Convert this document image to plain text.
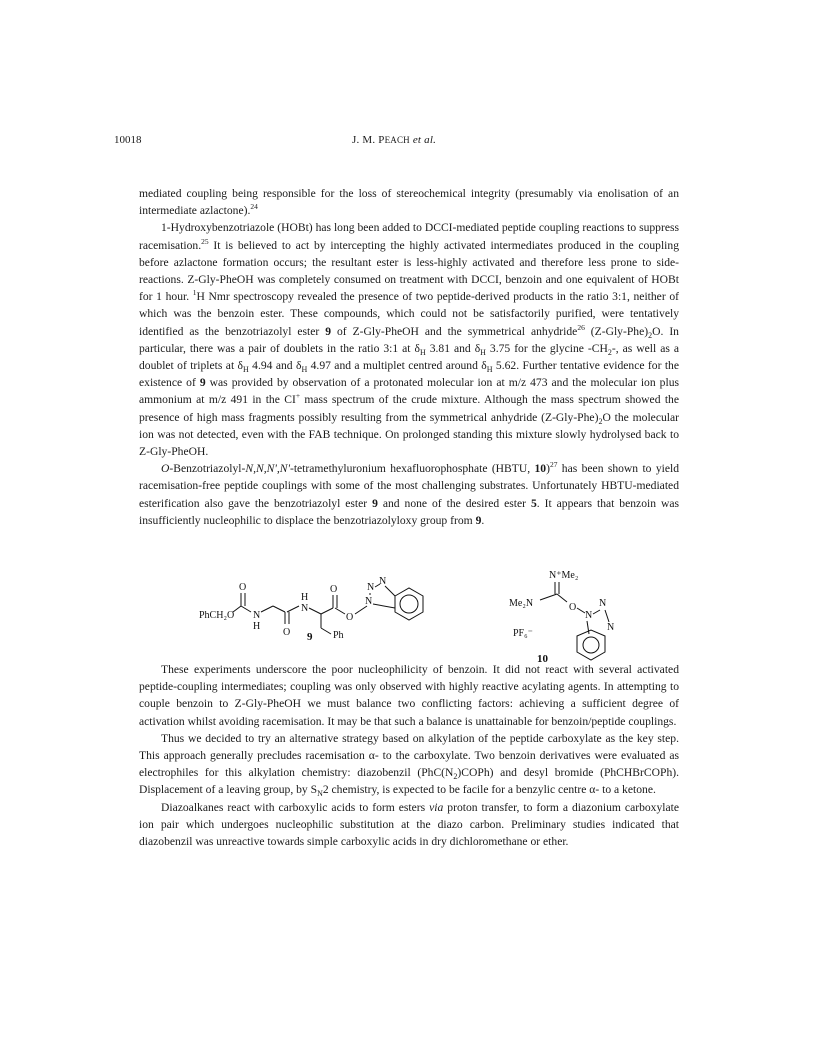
10018	J. M. PEACH et al.

mediated coupling being responsible for the loss of stereochemical integrity (presumably via enolisation of an intermediate azlactone).$^{24}$

1-Hydroxybenzotriazole (HOBt) has long been added to DCCI-mediated peptide coupling reactions to suppress racemisation.$^{25}$ It is believed to act by intercepting the highly activated intermediates produced in the coupling before azlactone formation occurs; the resultant ester is less-highly activated and therefore less prone to side-reactions. Z-Gly-PheOH was completely consumed on treatment with DCCI, benzoin and one equivalent of HOBt for 1 hour. $^1$H Nmr spectroscopy revealed the presence of two peptide-derived products in the ratio 3:1, neither of which was the benzoin ester. These compounds, which could not be satisfactorily purified, were tentatively identified as the benzotriazolyl ester 9 of Z-Gly-PheOH and the symmetrical anhydride$^{26}$ $(Z-Gly-Phe)_2O$. In particular, there was a pair of doublets in the ratio 3:1 at $\delta_H$ 3.81 and $\delta_H$ 3.75 for the glycine $-CH_2-$, as well as a doublet of triplets at $\delta_H$ 4.94 and $\delta_H$ 4.97 and a multiplet centred around $\delta_H$ 5.62. Further tentative evidence for the existence of 9 was provided by observation of a protonated molecular ion at m/z 473 and the molecular ion plus ammonium at m/z 491 in the CI+ mass spectrum of the crude mixture. Although the mass spectrum showed the presence of high mass fragments possibly resulting from the symmetrical anhydride $(Z-Gly-Phe)_2O$ the molecular ion was not detected, even with the FAB technique. On prolonged standing this mixture slowly hydrolysed back to Z-Gly-PheOH.

O-Benzotriazolyl-N,N,N',N'-tetramethyluronium hexafluorophosphate (HBTU, 10)$^{27}$ has been shown to yield racemisation-free peptide couplings with some of the most challenging substrates. Unfortunately HBTU-mediated esterification also gave the benzotriazolyl ester 9 and none of the desired ester 5. It appears that benzoin was insufficiently nucleophilic to displace the benzotriazolyloxy group from 9.

PhCH₂O
O
N
H
O
H
N
Ph
9
O
O
N
N
N
N⁺Me₂
Me₂N	O
N
N
N
PF₆⁻
10

These experiments underscore the poor nucleophilicity of benzoin. It did not react with several activated peptide-coupling intermediates; coupling was only observed with highly reactive acylating agents. In attempting to couple benzoin to Z-Gly-PheOH we must balance two conflicting factors: achieving a sufficient degree of activation whilst avoiding racemisation. It may be that such a balance is unattainable for benzoin/peptide couplings.

Thus we decided to try an alternative strategy based on alkylation of the peptide carboxylate as the key step. This approach generally precludes racemisation α- to the carboxylate. Two benzoin derivatives were evaluated as electrophiles for this alkylation chemistry: diazobenzil $(PhC(N_2)COPh)$ and desyl bromide (PhCHBrCOPh). Displacement of a leaving group, by $S_N2$ chemistry, is expected to be facile for a benzylic centre α- to a ketone.

Diazoalkanes react with carboxylic acids to form esters via proton transfer, to form a diazonium carboxylate ion pair which undergoes nucleophilic substitution at the diazo carbon. Preliminary studies indicated that diazobenzil was unreactive towards simple carboxylic acids in dry dichloromethane or ether.
